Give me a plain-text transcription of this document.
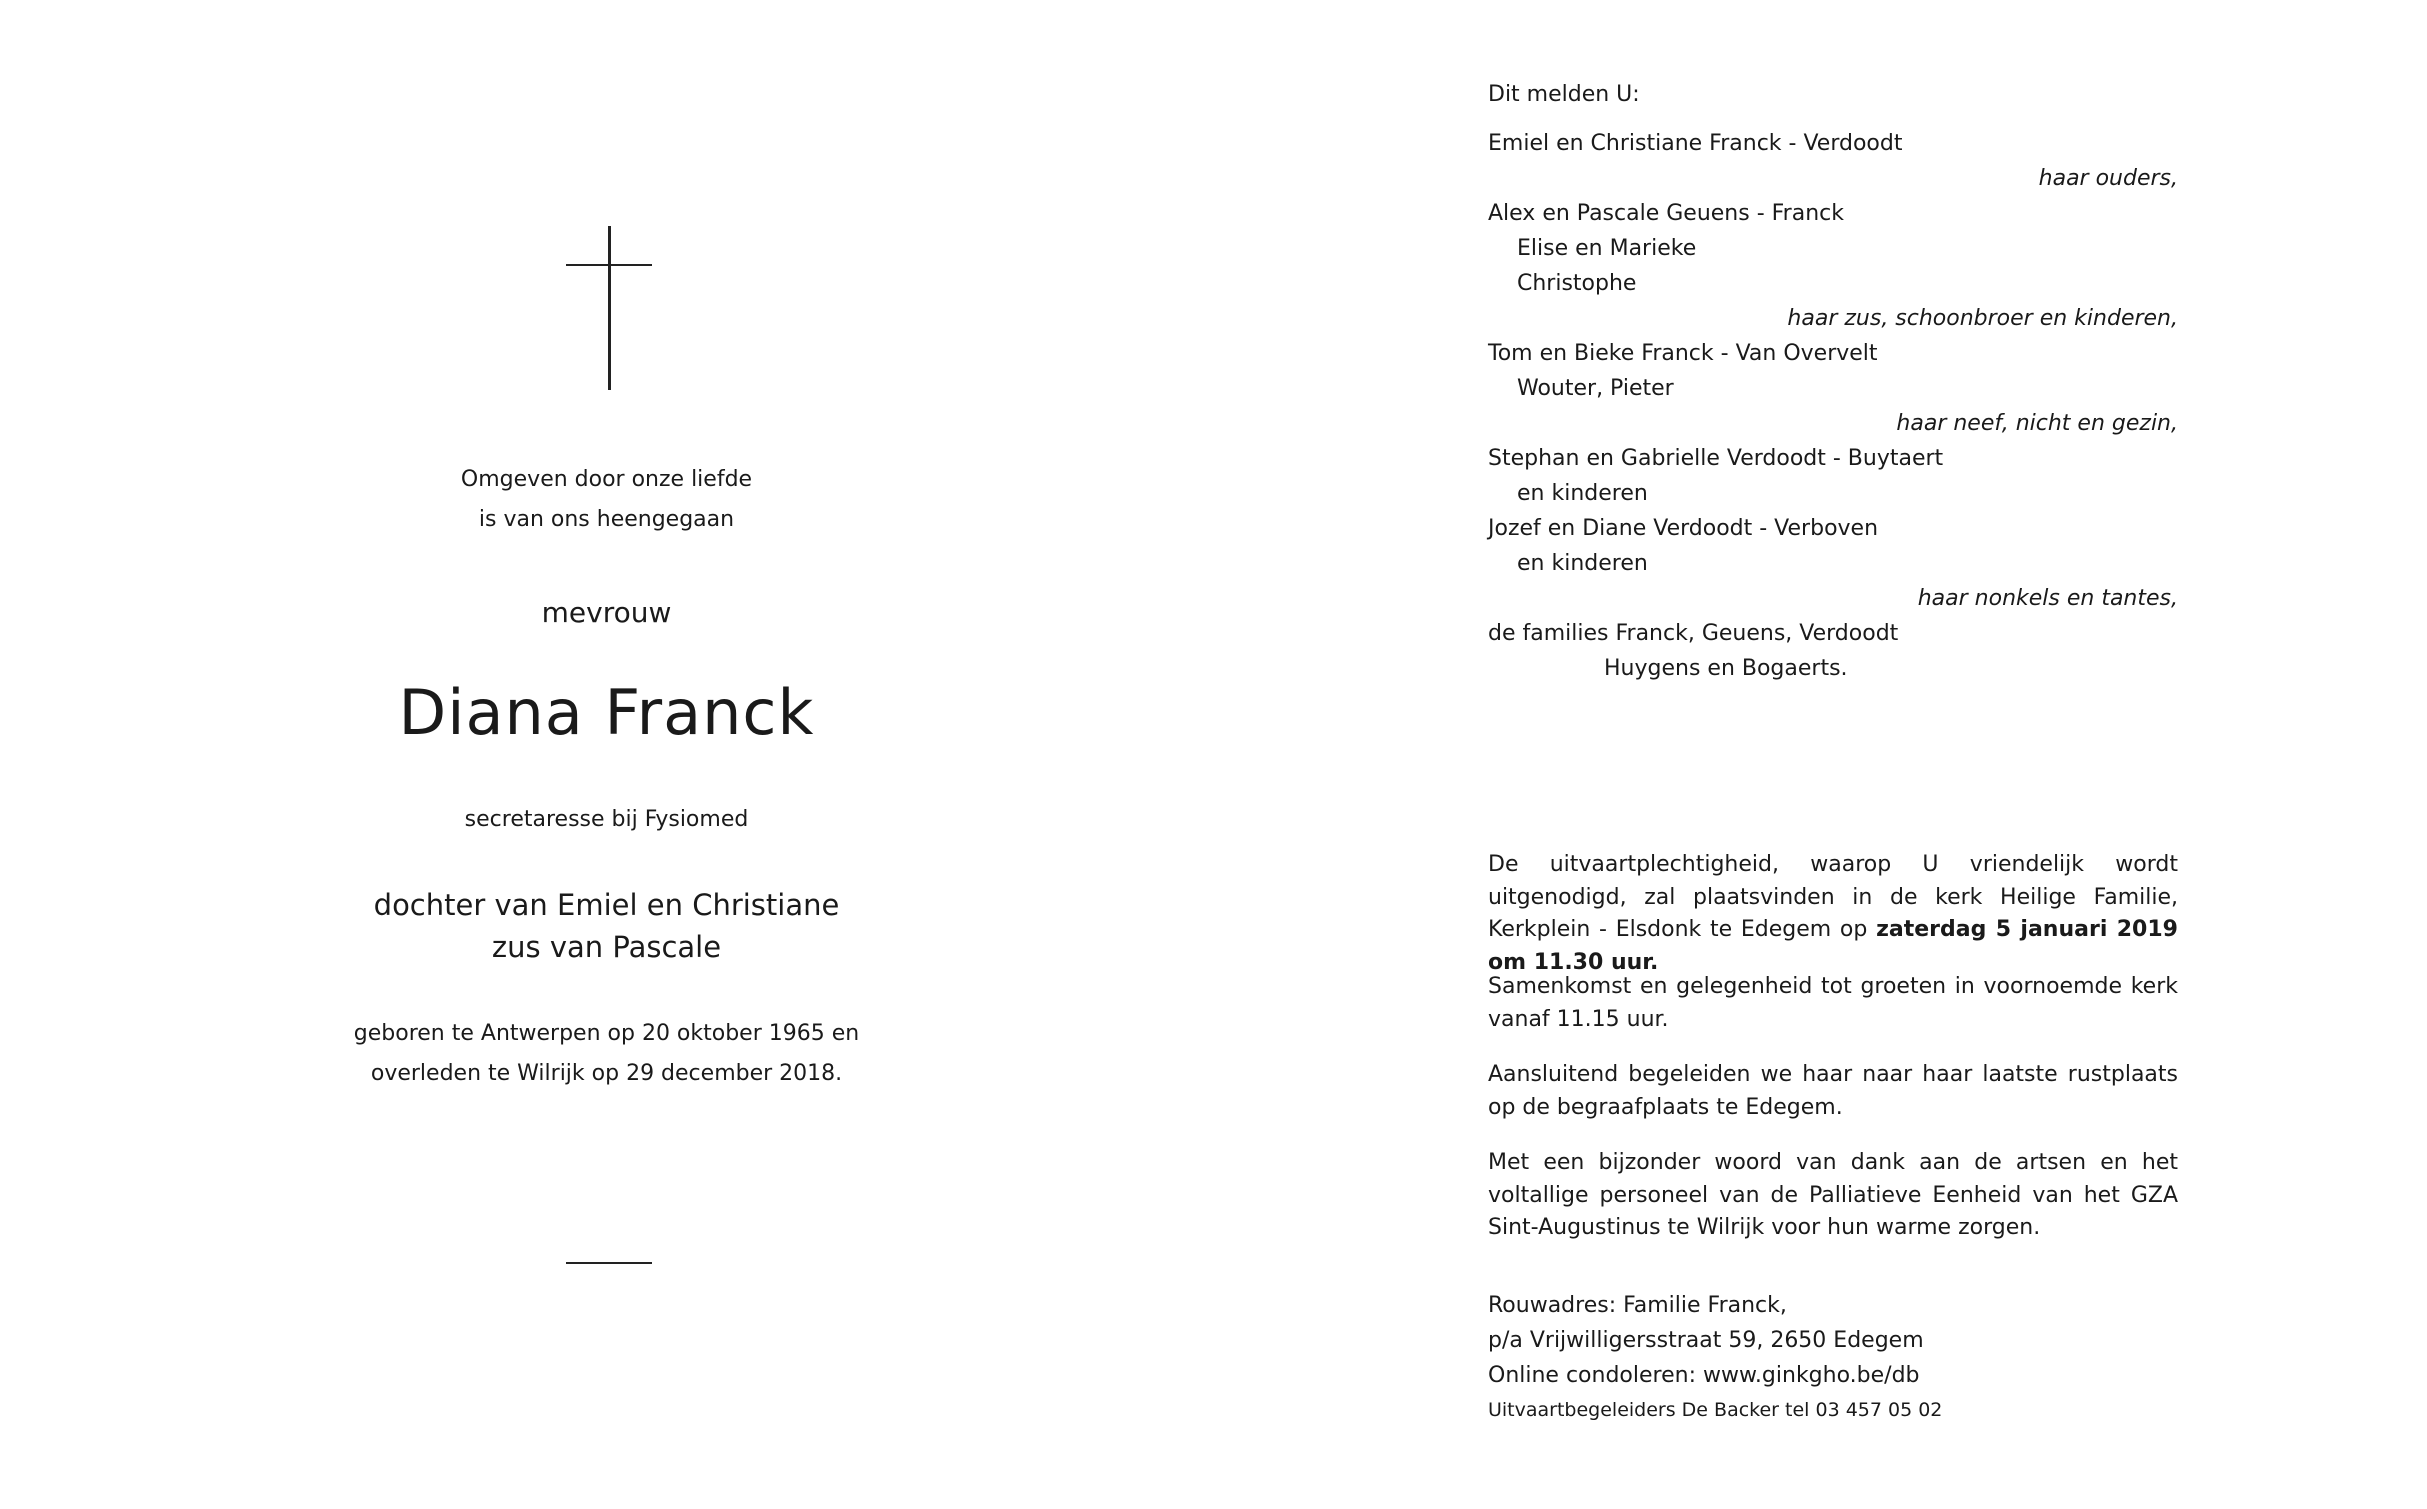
Omgeven door onze liefde

is van ons heengegaan

mevrouw

Diana Franck

secretaresse bij Fysiomed

dochter van Emiel en Christiane

zus van Pascale

geboren te Antwerpen op 20 oktober 1965 en

overleden te Wilrijk op 29 december 2018.

Dit melden U:
Emiel en Christiane Franck - Verdoodt
haar ouders,
Alex en Pascale Geuens - Franck
Elise en Marieke
Christophe
haar zus, schoonbroer en kinderen,
Tom en Bieke Franck - Van Overvelt
Wouter, Pieter
haar neef, nicht en gezin,
Stephan en Gabrielle Verdoodt - Buytaert
en kinderen
Jozef en Diane Verdoodt - Verboven
en kinderen
haar nonkels en tantes,
de families Franck, Geuens, Verdoodt
Huygens en Bogaerts.

De uitvaartplechtigheid, waarop U vriendelijk wordt uitgenodigd, zal plaatsvinden in de kerk Heilige Familie, Kerkplein - Elsdonk te Edegem op zaterdag 5 januari 2019 om 11.30 uur.

Samenkomst en gelegenheid tot groeten in voornoemde kerk vanaf 11.15 uur.

Aansluitend begeleiden we haar naar haar laatste rustplaats op de begraafplaats te Edegem.

Met een bijzonder woord van dank aan de artsen en het voltallige personeel van de Palliatieve Eenheid van het GZA Sint-Augustinus te Wilrijk voor hun warme zorgen.

Rouwadres: Familie Franck,
p/a Vrijwilligersstraat 59, 2650 Edegem
Online condoleren: www.ginkgho.be/db
Uitvaartbegeleiders De Backer tel 03 457 05 02
